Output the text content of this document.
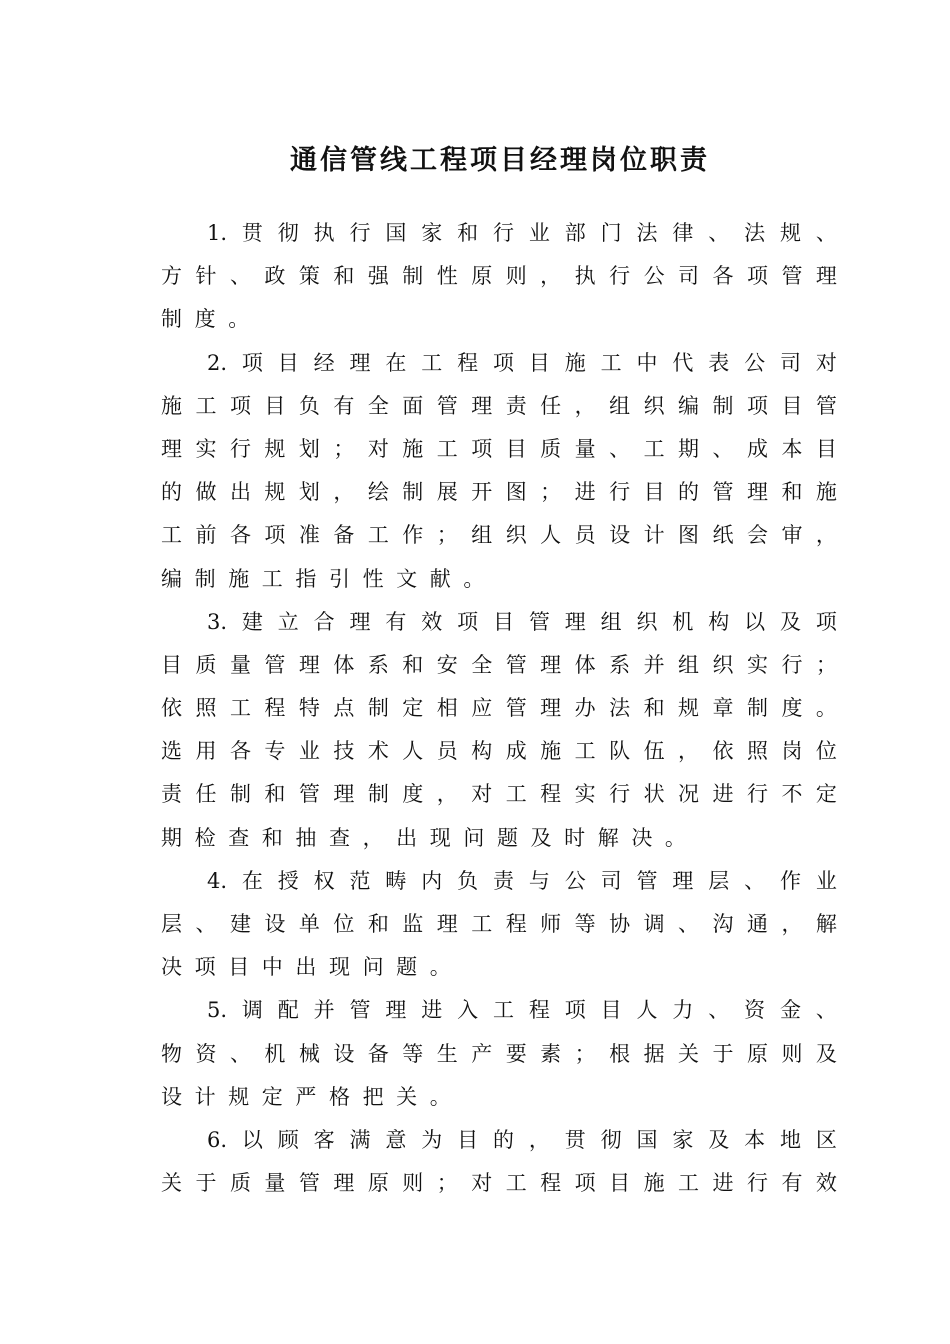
通信管线工程项目经理岗位职责
1. 贯 彻 执 行 国 家 和 行 业 部 门 法 律 、 法 规 、
方 针 、 政 策 和 强 制 性 原 则 ， 执 行 公 司 各 项 管 理
制 度 。
2. 项 目 经 理 在 工 程 项 目 施 工 中 代 表 公 司 对
施 工 项 目 负 有 全 面 管 理 责 任 ， 组 织 编 制 项 目 管
理 实 行 规 划 ； 对 施 工 项 目 质 量 、 工 期 、 成 本 目
的 做 出 规 划 ， 绘 制 展 开 图 ； 进 行 目 的 管 理 和 施
工 前 各 项 准 备 工 作 ； 组 织 人 员 设 计 图 纸 会 审 ，
编 制 施 工 指 引 性 文 献 。
3. 建 立 合 理 有 效 项 目 管 理 组 织 机 构 以 及 项
目 质 量 管 理 体 系 和 安 全 管 理 体 系 并 组 织 实 行 ；
依 照 工 程 特 点 制 定 相 应 管 理 办 法 和 规 章 制 度 。
选 用 各 专 业 技 术 人 员 构 成 施 工 队 伍 ， 依 照 岗 位
责 任 制 和 管 理 制 度 ， 对 工 程 实 行 状 况 进 行 不 定
期 检 查 和 抽 查 ， 出 现 问 题 及 时 解 决 。
4. 在 授 权 范 畴 内 负 责 与 公 司 管 理 层 、 作 业
层 、 建 设 单 位 和 监 理 工 程 师 等 协 调 、 沟 通 ， 解
决 项 目 中 出 现 问 题 。
5. 调 配 并 管 理 进 入 工 程 项 目 人 力 、 资 金 、
物 资 、 机 械 设 备 等 生 产 要 素 ； 根 据 关 于 原 则 及
设 计 规 定 严 格 把 关 。
6. 以 顾 客 满 意 为 目 的 ， 贯 彻 国 家 及 本 地 区
关 于 质 量 管 理 原 则 ； 对 工 程 项 目 施 工 进 行 有 效
